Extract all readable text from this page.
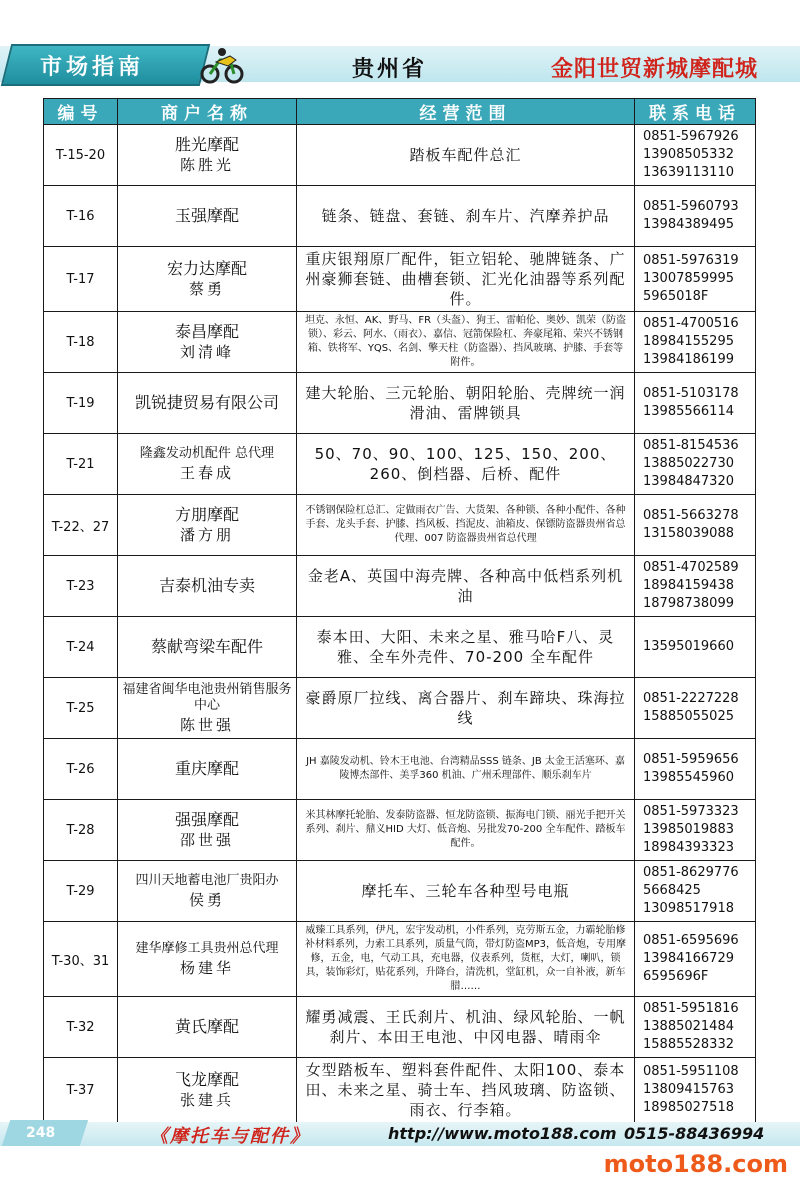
市场指南	贵州省	金阳世贸新城摩配城
编号	商户名称	经营范围	联系电话
T-15-20	胜光摩配
陈胜光	踏板车配件总汇	0851-5967926
13908505332
13639113110

T-16	玉强摩配	链条、链盘、套链、刹车片、汽摩养护品	0851-5960793
13984389495

T-17	宏力达摩配
蔡勇	重庆银翔原厂配件，钜立铝轮、驰牌链条、广州豪狮套链、曲槽套锁、汇光化油器等系列配件。	0851-5976319
13007859995
5965018F

T-18	泰昌摩配
刘清峰	坦克、永恒、AK、野马、FR（头盔）、狗王、雷帕伦、奥妙、凯荣（防盗锁）、彩云、阿水、（雨衣）、嘉信、冠箭保险杠、奔豪尾箱、荣兴不锈钢箱、铁将军、YQS、名剑、擎天柱（防盗器）、挡风玻璃、护膝、手套等附件。	0851-4700516
18984155295
13984186199

T-19	凯锐捷贸易有限公司	建大轮胎、三元轮胎、朝阳轮胎、壳牌统一润滑油、雷牌锁具	0851-5103178
13985566114

T-21	隆鑫发动机配件 总代理
王春成	50、70、90、100、125、150、200、260、倒档器、后桥、配件	0851-8154536
13885022730
13984847320

T-22、27	方朋摩配
潘方朋	不锈钢保险杠总汇、定做雨衣广告、大货架、各种锁、各种小配件、各种手套、龙头手套、护膝、挡风板、挡泥皮、油箱皮、保镖防盗器贵州省总代理、007 防盗器贵州省总代理	0851-5663278
13158039088

T-23	吉泰机油专卖	金老A、英国中海壳牌、各种高中低档系列机油	0851-4702589
18984159438
18798738099

T-24	蔡献弯梁车配件	泰本田、大阳、未来之星、雅马哈F八、灵雅、全车外壳件、70-200 全车配件	13595019660

T-25	福建省闽华电池贵州销售服务中心
陈世强	豪爵原厂拉线、离合器片、刹车蹄块、珠海拉线	0851-2227228
15885055025

T-26	重庆摩配	JH 嘉陵发动机、铃木王电池、台湾精品SSS 链条、JB 太金王活塞环、嘉陵博杰部件、美孚360 机油、广州禾理部件、顺乐刹车片	0851-5959656
13985545960

T-28	强强摩配
邵世强	米其林摩托轮胎、发泰防盗器、恒龙防盗锁、振海电门锁、丽光手把开关系列、刹片、鼎义HID 大灯、低音炮、另批发70-200 全车配件、踏板车配件。	0851-5973323
13985019883
18984393323

T-29	四川天地蓄电池厂贵阳办
侯勇	摩托车、三轮车各种型号电瓶	0851-8629776
5668425
13098517918

T-30、31	建华摩修工具贵州总代理
杨建华	威臻工具系列，伊凡，宏宇发动机，小件系列，克劳斯五金，力霸轮胎修补材料系列，力索工具系列，质量气筒，带灯防盗MP3，低音炮，专用摩修，五金，电，气动工具，充电器，仪表系列，货框，大灯，喇叭，锁具，装饰彩灯，贴花系列，升降台，清洗机，堂缸机，众一自补液，新车腊……	0851-6595696
13984166729
6595696F

T-32	黄氏摩配	耀勇减震、王氏刹片、机油、绿风轮胎、一帆刹片、本田王电池、中冈电器、晴雨伞	0851-5951816
13885021484
15885528332

T-37	飞龙摩配
张建兵	女型踏板车、塑料套件配件、太阳100、泰本田、未来之星、骑士车、挡风玻璃、防盗锁、雨衣、行李箱。	0851-5951108
13809415763
18985027518
248	《摩托车与配件》	http://www.moto188.com 0515-88436994
moto188.com
